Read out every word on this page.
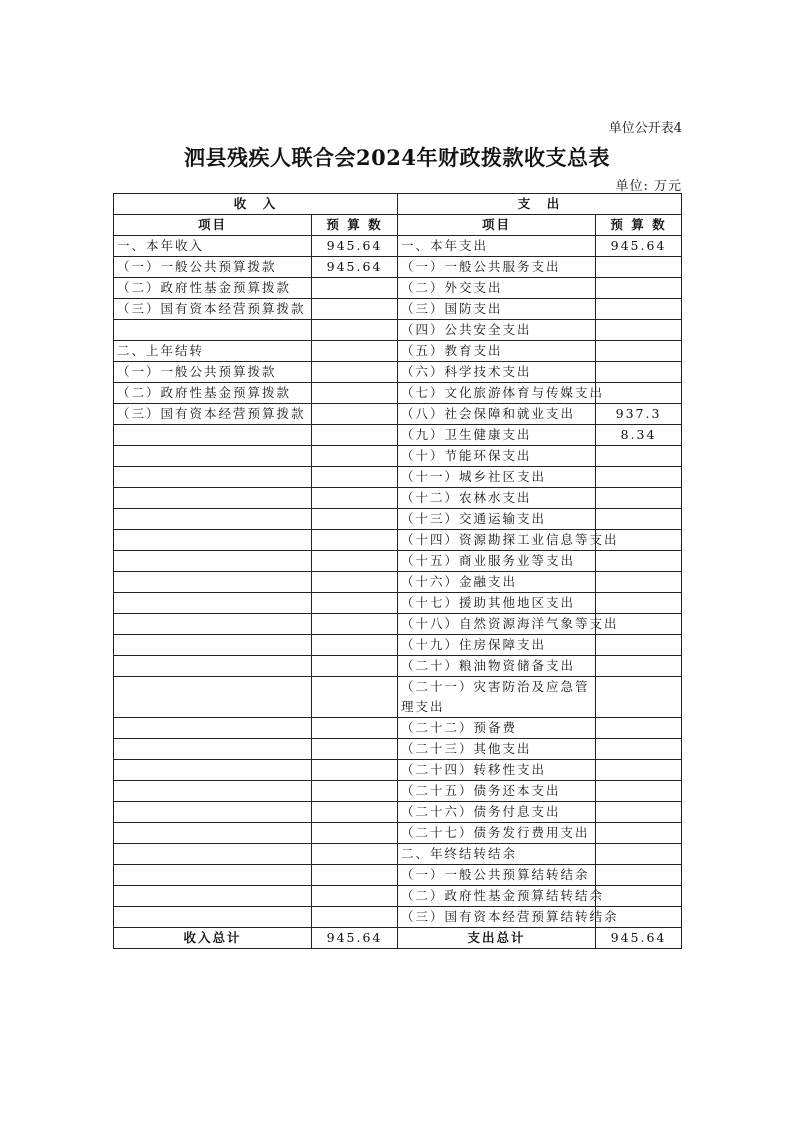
单位公开表4
泗县残疾人联合会2024年财政拨款收支总表
单位: 万元
收　入		支　出	
项目	预 算 数	项目	预 算 数
一、本年收入	945.64	一、本年支出	945.64
（一）一般公共预算拨款	945.64	（一）一般公共服务支出	
（二）政府性基金预算拨款		（二）外交支出	
（三）国有资本经营预算拨款		（三）国防支出	
		（四）公共安全支出	
二、上年结转		（五）教育支出	
（一）一般公共预算拨款		（六）科学技术支出	
（二）政府性基金预算拨款		（七）文化旅游体育与传媒支出	
（三）国有资本经营预算拨款		（八）社会保障和就业支出	937.3
		（九）卫生健康支出	8.34
		（十）节能环保支出	
		（十一）城乡社区支出	
		（十二）农林水支出	
		（十三）交通运输支出	
		（十四）资源勘探工业信息等支出	
		（十五）商业服务业等支出	
		（十六）金融支出	
		（十七）援助其他地区支出	
		（十八）自然资源海洋气象等支出	
		（十九）住房保障支出	
		（二十）粮油物资储备支出	
		（二十一）灾害防治及应急管理支出	
		（二十二）预备费	
		（二十三）其他支出	
		（二十四）转移性支出	
		（二十五）债务还本支出	
		（二十六）债务付息支出	
		（二十七）债务发行费用支出	
		二、年终结转结余	
		（一）一般公共预算结转结余	
		（二）政府性基金预算结转结余	
		（三）国有资本经营预算结转结余	
收入总计	945.64	支出总计	945.64
